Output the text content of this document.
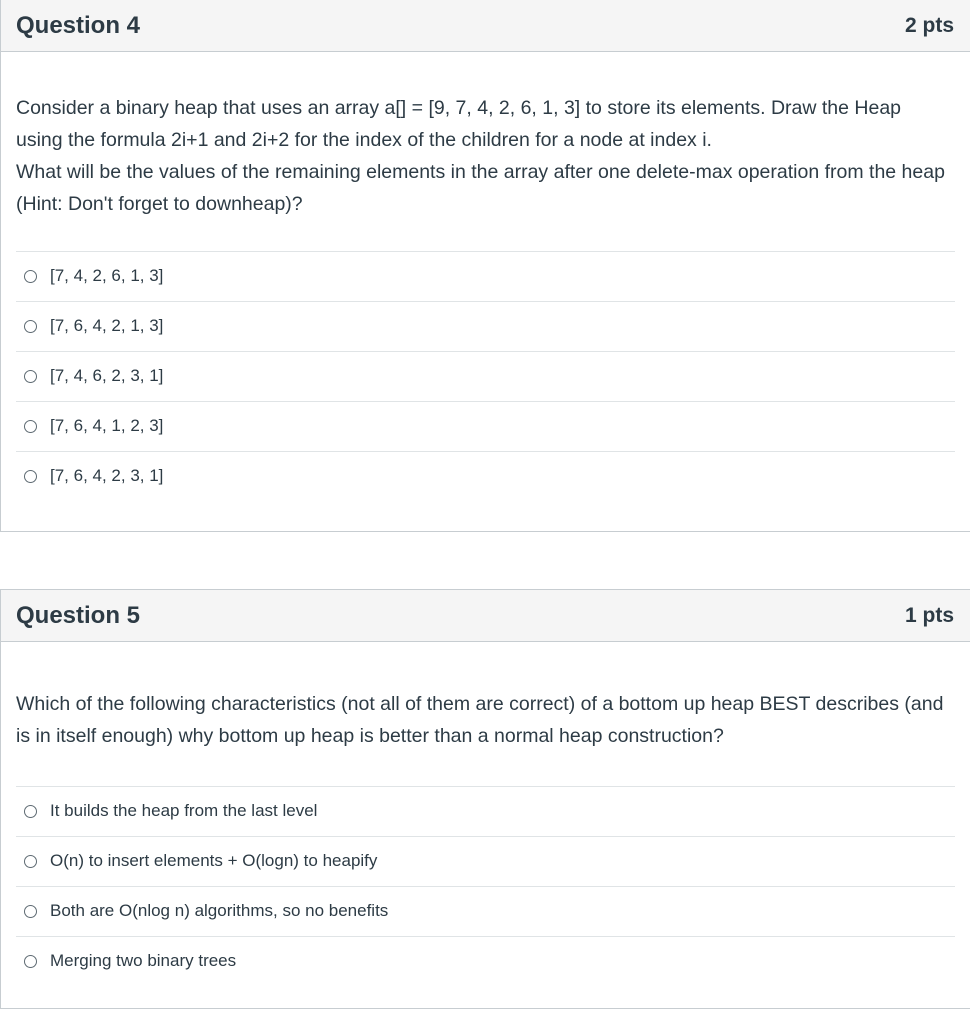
Question 4	2 pts

Consider a binary heap that uses an array a[] = [9, 7, 4, 2, 6, 1, 3] to store its elements. Draw the Heap using the formula 2i+1 and 2i+2 for the index of the children for a node at index i.

What will be the values of the remaining elements in the array after one delete-max operation from the heap (Hint: Don't forget to downheap)?

[7, 4, 2, 6, 1, 3]
[7, 6, 4, 2, 1, 3]
[7, 4, 6, 2, 3, 1]
[7, 6, 4, 1, 2, 3]
[7, 6, 4, 2, 3, 1]
Question 5	1 pts

Which of the following characteristics (not all of them are correct) of a bottom up heap BEST describes (and is in itself enough) why bottom up heap is better than a normal heap construction?

It builds the heap from the last level
O(n) to insert elements + O(logn) to heapify
Both are O(nlog n) algorithms, so no benefits
Merging two binary trees
